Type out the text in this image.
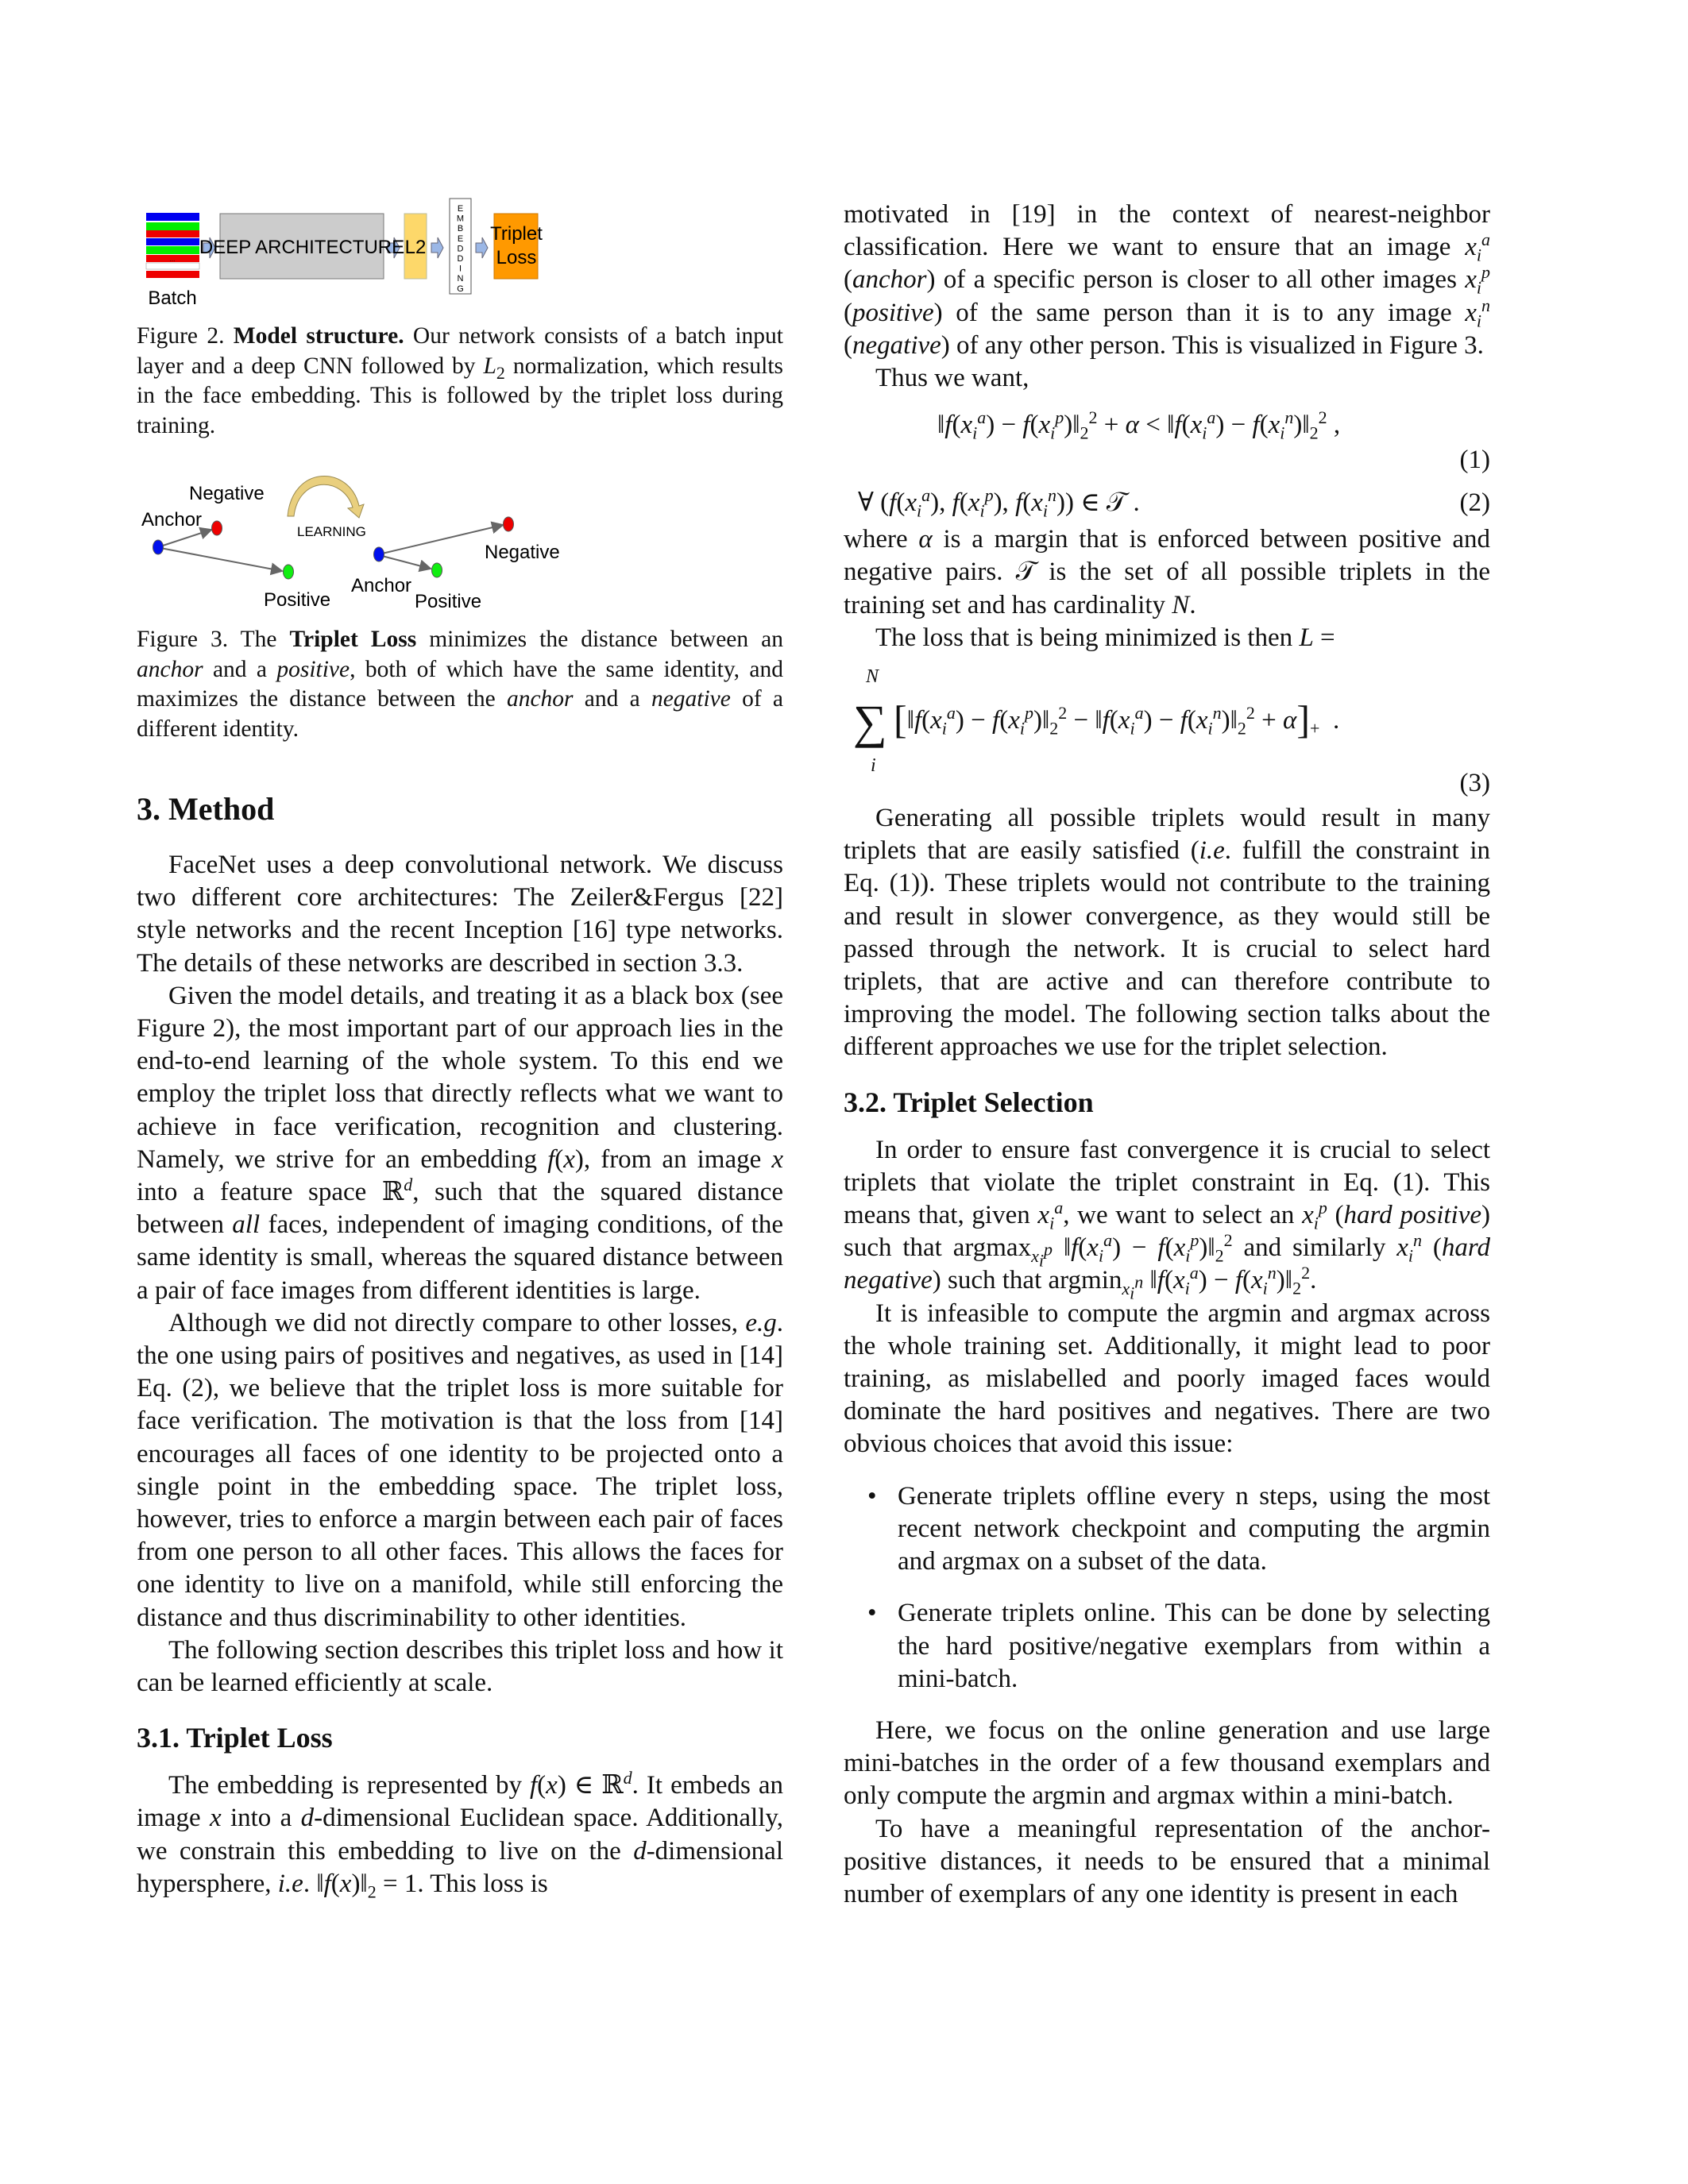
...
Batch
DEEP ARCHITECTURE L2
E
M
B
E
D
D
I
N
G
Triplet
Loss

Figure 2. Model structure. Our network consists of a batch input layer and a deep CNN followed by $L_2$ normalization, which results in the face embedding. This is followed by the triplet loss during training.

Anchor
Negative
Positive
LEARNING
Anchor
Positive
Negative

Figure 3. The Triplet Loss minimizes the distance between an anchor and a positive, both of which have the same identity, and maximizes the distance between the anchor and a negative of a different identity.

3. Method

FaceNet uses a deep convolutional network. We discuss two different core architectures: The Zeiler&Fergus [22] style networks and the recent Inception [16] type networks. The details of these networks are described in section 3.3.

Given the model details, and treating it as a black box (see Figure 2), the most important part of our approach lies in the end-to-end learning of the whole system. To this end we employ the triplet loss that directly reflects what we want to achieve in face verification, recognition and clustering. Namely, we strive for an embedding f(x), from an image x into a feature space ℝ$^d$, such that the squared distance between all faces, independent of imaging conditions, of the same identity is small, whereas the squared distance between a pair of face images from different identities is large.

Although we did not directly compare to other losses, e.g. the one using pairs of positives and negatives, as used in [14] Eq. (2), we believe that the triplet loss is more suitable for face verification. The motivation is that the loss from [14] encourages all faces of one identity to be projected onto a single point in the embedding space. The triplet loss, however, tries to enforce a margin between each pair of faces from one person to all other faces. This allows the faces for one identity to live on a manifold, while still enforcing the distance and thus discriminability to other identities.

The following section describes this triplet loss and how it can be learned efficiently at scale.

3.1. Triplet Loss

The embedding is represented by f(x) ∈ ℝ$^d$. It embeds an image x into a d-dimensional Euclidean space. Additionally, we constrain this embedding to live on the d-dimensional hypersphere, i.e. $‖f(x)‖_2 = 1$. This loss is

motivated in [19] in the context of nearest-neighbor classification. Here we want to ensure that an image $x_i^a$ (anchor) of a specific person is closer to all other images $x_i^p$ (positive) of the same person than it is to any image $x_i^n$ (negative) of any other person. This is visualized in Figure 3.

Thus we want,

$‖f(x_i^a)$ − $f(x_i^p)‖_2^2 + \alpha$ < $‖f(x_i^a)$ − $f(x_i^n)‖_2^2$ ,
(1)
∀ ($f(x_i^a)$, $f(x_i^p)$, $f(x_i^n)$) ∈ 𝒯 .	(2)

where α is a margin that is enforced between positive and negative pairs. 𝒯 is the set of all possible triplets in the training set and has cardinality N.

The loss that is being minimized is then L =

N
∑ [$‖f(x_i^a)$ − $f(x_i^p)‖_2^2$ − $‖f(x_i^a)$ − $f(x_i^n)‖_2^2 + \alpha]_+$  .
i
(3)

Generating all possible triplets would result in many triplets that are easily satisfied (i.e. fulfill the constraint in Eq. (1)). These triplets would not contribute to the training and result in slower convergence, as they would still be passed through the network. It is crucial to select hard triplets, that are active and can therefore contribute to improving the model. The following section talks about the different approaches we use for the triplet selection.

3.2. Triplet Selection

In order to ensure fast convergence it is crucial to select triplets that violate the triplet constraint in Eq. (1). This means that, given $x_i^a$, we want to select an $x_i^p$ (hard positive) such that argmax$_{x_i^p}$ $‖f(x_i^a)$ − $f(x_i^p)‖_2^2$ and similarly $x_i^n$ (hard negative) such that argmin$_{x_i^n}$ $‖f(x_i^a)$ − $f(x_i^n)‖_2^2$.

It is infeasible to compute the argmin and argmax across the whole training set. Additionally, it might lead to poor training, as mislabelled and poorly imaged faces would dominate the hard positives and negatives. There are two obvious choices that avoid this issue:

• Generate triplets offline every n steps, using the most recent network checkpoint and computing the argmin and argmax on a subset of the data.
• Generate triplets online. This can be done by selecting the hard positive/negative exemplars from within a mini-batch.

Here, we focus on the online generation and use large mini-batches in the order of a few thousand exemplars and only compute the argmin and argmax within a mini-batch.

To have a meaningful representation of the anchor-positive distances, it needs to be ensured that a minimal number of exemplars of any one identity is present in each
